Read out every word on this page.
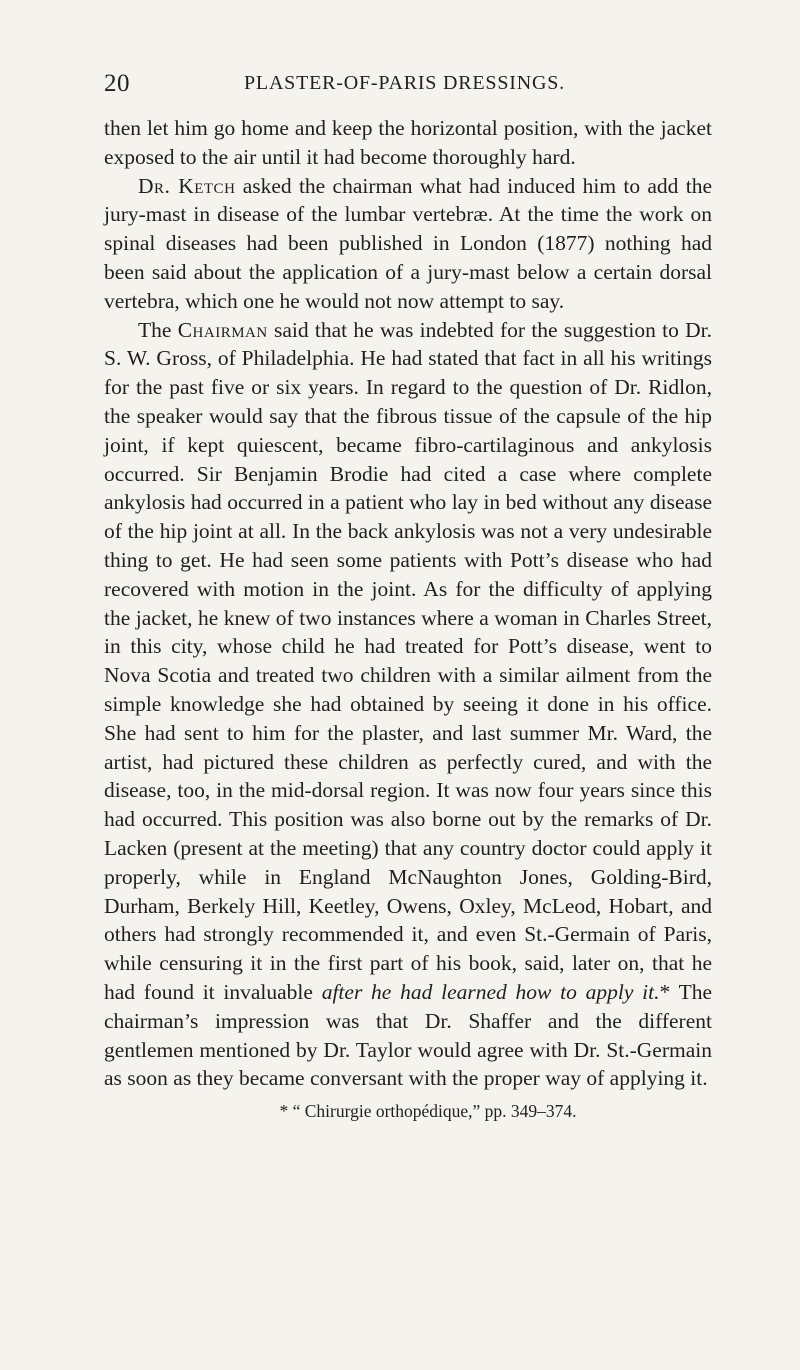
20	PLASTER-OF-PARIS DRESSINGS.

then let him go home and keep the horizontal position, with the jacket exposed to the air until it had become thoroughly hard.

Dr. Ketch asked the chairman what had induced him to add the jury-mast in disease of the lumbar vertebræ. At the time the work on spinal diseases had been published in London (1877) nothing had been said about the application of a jury-mast below a certain dorsal vertebra, which one he would not now attempt to say.

The Chairman said that he was indebted for the suggestion to Dr. S. W. Gross, of Philadelphia. He had stated that fact in all his writings for the past five or six years. In regard to the question of Dr. Ridlon, the speaker would say that the fibrous tissue of the capsule of the hip joint, if kept quiescent, became fibro-cartilaginous and ankylosis occurred. Sir Benjamin Brodie had cited a case where complete ankylosis had occurred in a patient who lay in bed without any disease of the hip joint at all. In the back ankylosis was not a very undesirable thing to get. He had seen some patients with Pott’s disease who had recovered with motion in the joint. As for the difficulty of applying the jacket, he knew of two instances where a woman in Charles Street, in this city, whose child he had treated for Pott’s disease, went to Nova Scotia and treated two children with a similar ailment from the simple knowledge she had obtained by seeing it done in his office. She had sent to him for the plaster, and last summer Mr. Ward, the artist, had pictured these children as perfectly cured, and with the disease, too, in the mid-dorsal region. It was now four years since this had occurred. This position was also borne out by the remarks of Dr. Lacken (present at the meeting) that any country doctor could apply it properly, while in England McNaughton Jones, Golding-Bird, Durham, Berkely Hill, Keetley, Owens, Oxley, McLeod, Hobart, and others had strongly recommended it, and even St.-Germain of Paris, while censuring it in the first part of his book, said, later on, that he had found it invaluable after he had learned how to apply it.* The chairman’s impression was that Dr. Shaffer and the different gentlemen mentioned by Dr. Taylor would agree with Dr. St.-Germain as soon as they became conversant with the proper way of applying it.

* “ Chirurgie orthopédique,” pp. 349–374.
